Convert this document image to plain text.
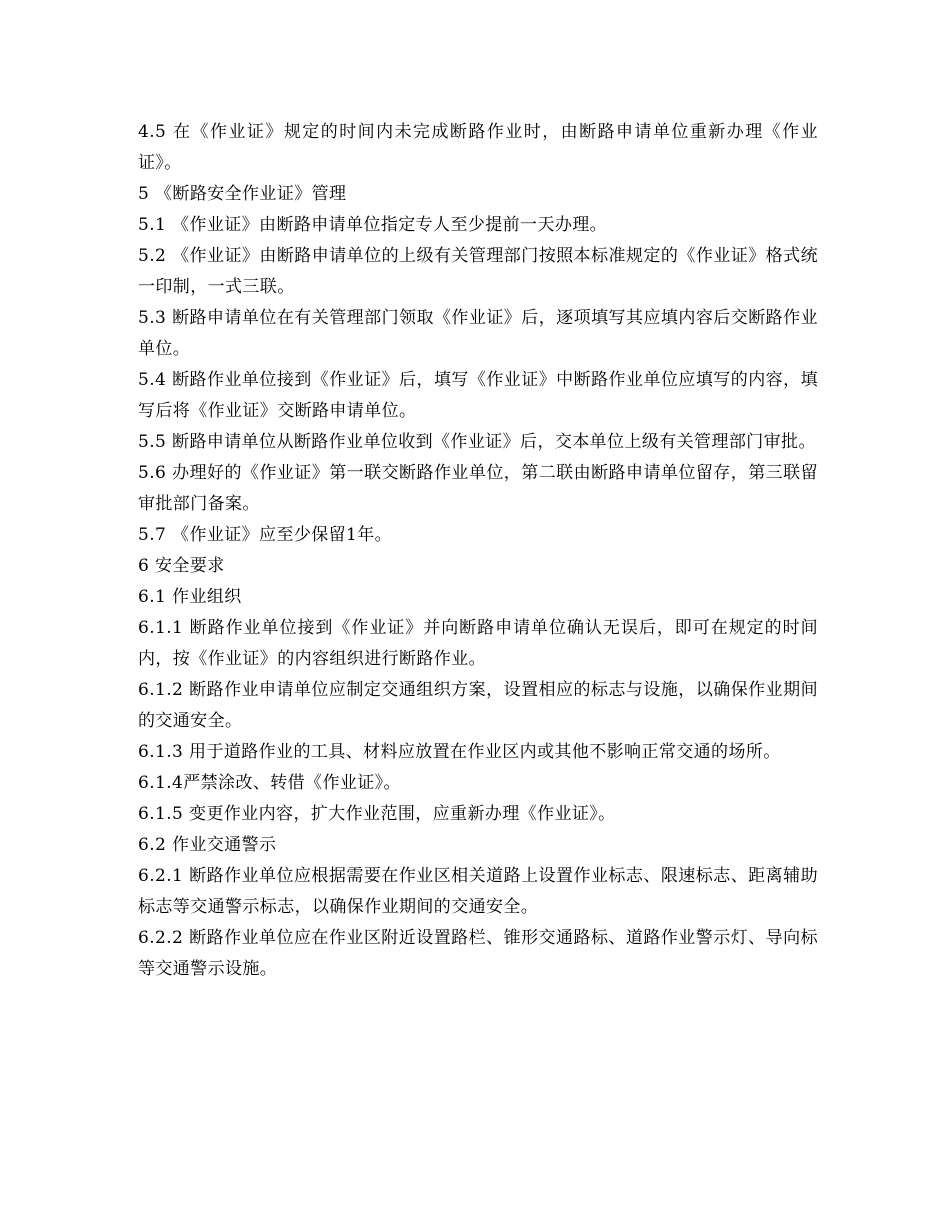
4.5 在《作业证》规定的时间内未完成断路作业时，由断路申请单位重新办理《作业证》。

5 《断路安全作业证》管理

5.1 《作业证》由断路申请单位指定专人至少提前一天办理。

5.2 《作业证》由断路申请单位的上级有关管理部门按照本标准规定的《作业证》格式统一印制，一式三联。

5.3 断路申请单位在有关管理部门领取《作业证》后，逐项填写其应填内容后交断路作业单位。

5.4 断路作业单位接到《作业证》后，填写《作业证》中断路作业单位应填写的内容，填写后将《作业证》交断路申请单位。

5.5 断路申请单位从断路作业单位收到《作业证》后，交本单位上级有关管理部门审批。

5.6 办理好的《作业证》第一联交断路作业单位，第二联由断路申请单位留存，第三联留审批部门备案。

5.7 《作业证》应至少保留1年。

6 安全要求

6.1 作业组织

6.1.1 断路作业单位接到《作业证》并向断路申请单位确认无误后，即可在规定的时间内，按《作业证》的内容组织进行断路作业。

6.1.2 断路作业申请单位应制定交通组织方案，设置相应的标志与设施，以确保作业期间的交通安全。

6.1.3 用于道路作业的工具、材料应放置在作业区内或其他不影响正常交通的场所。

6.1.4严禁涂改、转借《作业证》。

6.1.5 变更作业内容，扩大作业范围，应重新办理《作业证》。

6.2 作业交通警示

6.2.1 断路作业单位应根据需要在作业区相关道路上设置作业标志、限速标志、距离辅助标志等交通警示标志，以确保作业期间的交通安全。

6.2.2 断路作业单位应在作业区附近设置路栏、锥形交通路标、道路作业警示灯、导向标等交通警示设施。
